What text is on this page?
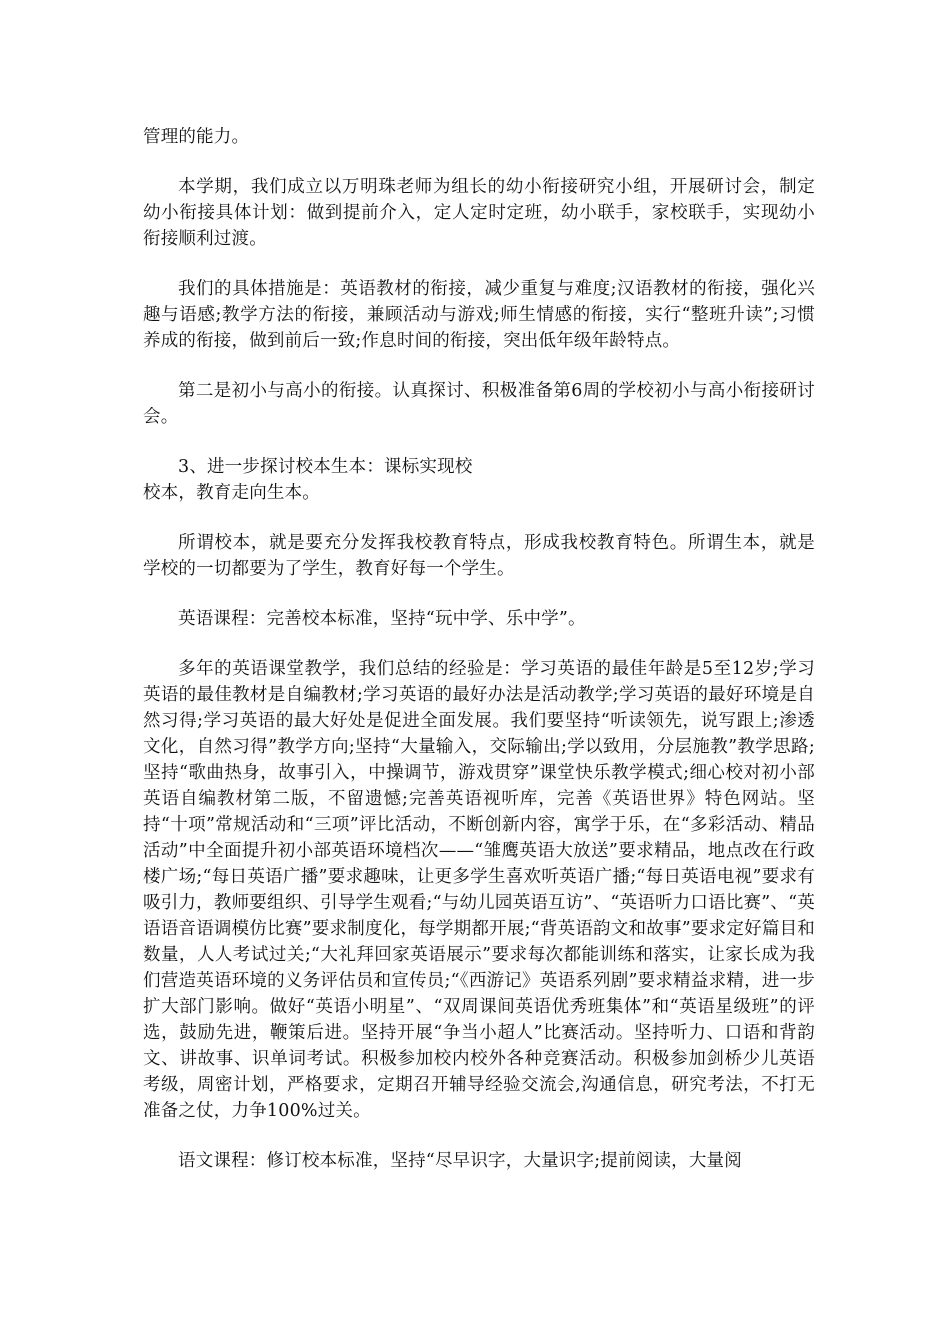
管理的能力。

本学期，我们成立以万明珠老师为组长的幼小衔接研究小组，开展研讨会，制定幼小衔接具体计划：做到提前介入，定人定时定班，幼小联手，家校联手，实现幼小衔接顺利过渡。

我们的具体措施是：英语教材的衔接，减少重复与难度;汉语教材的衔接，强化兴趣与语感;教学方法的衔接，兼顾活动与游戏;师生情感的衔接，实行“整班升读”;习惯养成的衔接，做到前后一致;作息时间的衔接，突出低年级年龄特点。

第二是初小与高小的衔接。认真探讨、积极准备第6周的学校初小与高小衔接研讨会。

3、进一步探讨校本生本：课标实现校
校本，教育走向生本。

所谓校本，就是要充分发挥我校教育特点，形成我校教育特色。所谓生本，就是学校的一切都要为了学生，教育好每一个学生。

英语课程：完善校本标准，坚持“玩中学、乐中学”。

多年的英语课堂教学，我们总结的经验是：学习英语的最佳年龄是5至12岁;学习英语的最佳教材是自编教材;学习英语的最好办法是活动教学;学习英语的最好环境是自然习得;学习英语的最大好处是促进全面发展。我们要坚持“听读领先，说写跟上;渗透文化，自然习得”教学方向;坚持“大量输入，交际输出;学以致用，分层施教”教学思路;坚持“歌曲热身，故事引入，中操调节，游戏贯穿”课堂快乐教学模式;细心校对初小部英语自编教材第二版，不留遗憾;完善英语视听库，完善《英语世界》特色网站。坚持“十项”常规活动和“三项”评比活动，不断创新内容，寓学于乐，在“多彩活动、精品活动”中全面提升初小部英语环境档次——“雏鹰英语大放送”要求精品，地点改在行政楼广场;“每日英语广播”要求趣味，让更多学生喜欢听英语广播;“每日英语电视”要求有吸引力，教师要组织、引导学生观看;“与幼儿园英语互访”、“英语听力口语比赛”、“英语语音语调模仿比赛”要求制度化，每学期都开展;“背英语韵文和故事”要求定好篇目和数量，人人考试过关;“大礼拜回家英语展示”要求每次都能训练和落实，让家长成为我们营造英语环境的义务评估员和宣传员;“《西游记》英语系列剧”要求精益求精，进一步扩大部门影响。做好“英语小明星”、“双周课间英语优秀班集体”和“英语星级班”的评选，鼓励先进，鞭策后进。坚持开展“争当小超人”比赛活动。坚持听力、口语和背韵文、讲故事、识单词考试。积极参加校内校外各种竞赛活动。积极参加剑桥少儿英语考级，周密计划，严格要求，定期召开辅导经验交流会,沟通信息，研究考法，不打无准备之仗，力争100%过关。

语文课程：修订校本标准，坚持“尽早识字，大量识字;提前阅读，大量阅
